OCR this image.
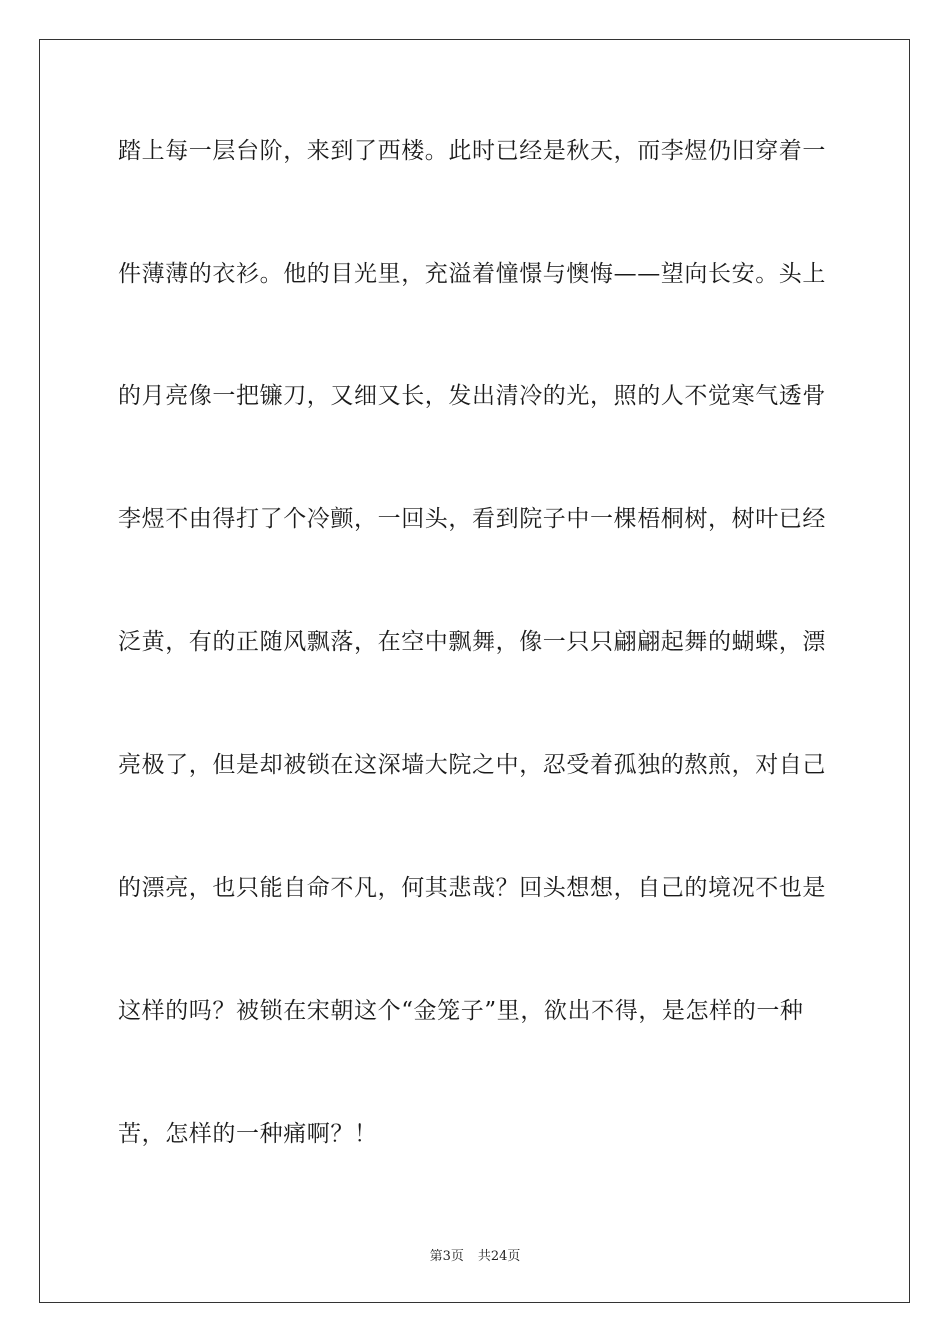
踏上每一层台阶，来到了西楼。此时已经是秋天，而李煜仍旧穿着一
件薄薄的衣衫。他的目光里，充溢着憧憬与懊悔——望向长安。头上
的月亮像一把镰刀，又细又长，发出清冷的光，照的人不觉寒气透骨
李煜不由得打了个冷颤，一回头，看到院子中一棵梧桐树，树叶已经
泛黄，有的正随风飘落，在空中飘舞，像一只只翩翩起舞的蝴蝶，漂
亮极了，但是却被锁在这深墙大院之中，忍受着孤独的熬煎，对自己
的漂亮，也只能自命不凡，何其悲哉？回头想想，自己的境况不也是
这样的吗？被锁在宋朝这个“金笼子”里，欲出不得，是怎样的一种
苦，怎样的一种痛啊？！
第3页 共24页
